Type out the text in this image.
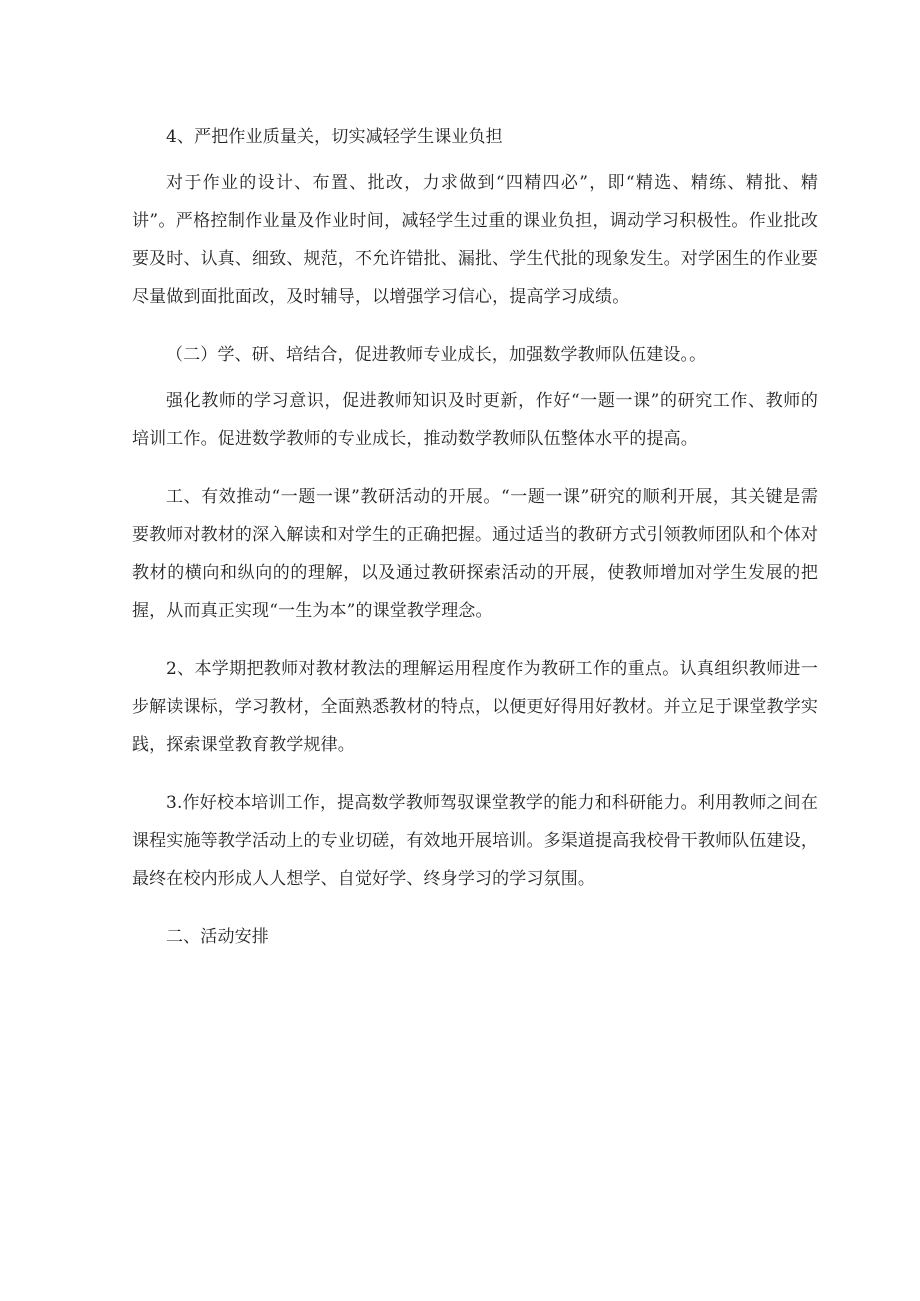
4、严把作业质量关，切实减轻学生课业负担

对于作业的设计、布置、批改，力求做到“四精四必”，即“精选、精练、精批、精讲”。严格控制作业量及作业时间，减轻学生过重的课业负担，调动学习积极性。作业批改要及时、认真、细致、规范，不允许错批、漏批、学生代批的现象发生。对学困生的作业要尽量做到面批面改，及时辅导，以增强学习信心，提高学习成绩。

（二）学、研、培结合，促进教师专业成长，加强数学教师队伍建设。。

强化教师的学习意识，促进教师知识及时更新，作好“一题一课”的研究工作、教师的培训工作。促进数学教师的专业成长，推动数学教师队伍整体水平的提高。

工、有效推动“一题一课”教研活动的开展。“一题一课”研究的顺利开展，其关键是需要教师对教材的深入解读和对学生的正确把握。通过适当的教研方式引领教师团队和个体对教材的横向和纵向的的理解，以及通过教研探索活动的开展，使教师增加对学生发展的把握，从而真正实现“一生为本”的课堂教学理念。

2、本学期把教师对教材教法的理解运用程度作为教研工作的重点。认真组织教师进一步解读课标，学习教材，全面熟悉教材的特点，以便更好得用好教材。并立足于课堂教学实践，探索课堂教育教学规律。

3.作好校本培训工作，提高数学教师驾驭课堂教学的能力和科研能力。利用教师之间在课程实施等教学活动上的专业切磋，有效地开展培训。多渠道提高我校骨干教师队伍建设，最终在校内形成人人想学、自觉好学、终身学习的学习氛围。

二、活动安排
